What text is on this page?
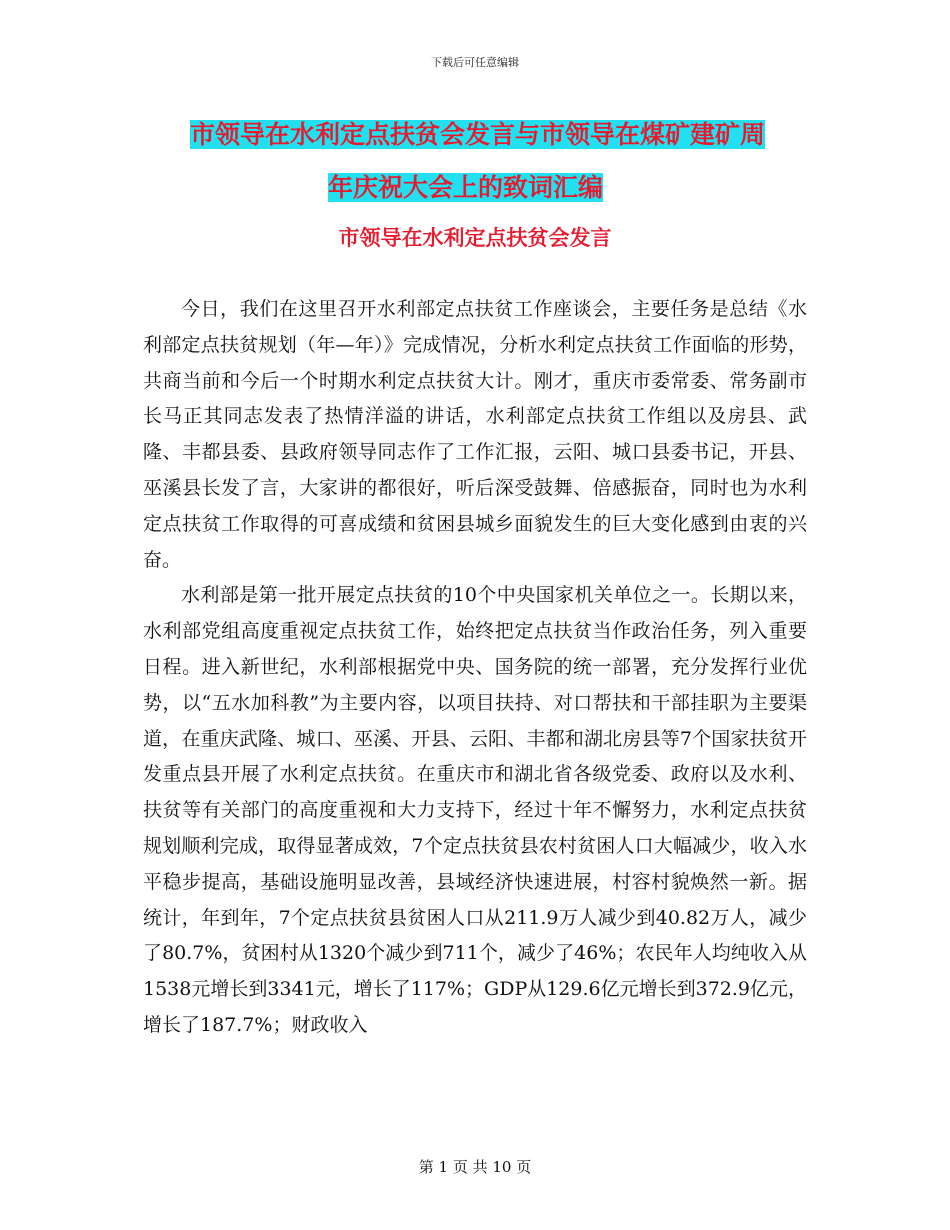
下载后可任意编辑
市领导在水利定点扶贫会发言与市领导在煤矿建矿周
年庆祝大会上的致词汇编
市领导在水利定点扶贫会发言

今日，我们在这里召开水利部定点扶贫工作座谈会，主要任务是总结《水利部定点扶贫规划（年—年）》完成情况，分析水利定点扶贫工作面临的形势，共商当前和今后一个时期水利定点扶贫大计。刚才，重庆市委常委、常务副市长马正其同志发表了热情洋溢的讲话，水利部定点扶贫工作组以及房县、武隆、丰都县委、县政府领导同志作了工作汇报，云阳、城口县委书记，开县、巫溪县长发了言，大家讲的都很好，听后深受鼓舞、倍感振奋，同时也为水利定点扶贫工作取得的可喜成绩和贫困县城乡面貌发生的巨大变化感到由衷的兴奋。

水利部是第一批开展定点扶贫的10个中央国家机关单位之一。长期以来，水利部党组高度重视定点扶贫工作，始终把定点扶贫当作政治任务，列入重要日程。进入新世纪，水利部根据党中央、国务院的统一部署，充分发挥行业优势，以“五水加科教”为主要内容，以项目扶持、对口帮扶和干部挂职为主要渠道，在重庆武隆、城口、巫溪、开县、云阳、丰都和湖北房县等7个国家扶贫开发重点县开展了水利定点扶贫。在重庆市和湖北省各级党委、政府以及水利、扶贫等有关部门的高度重视和大力支持下，经过十年不懈努力，水利定点扶贫规划顺利完成，取得显著成效，7个定点扶贫县农村贫困人口大幅减少，收入水平稳步提高，基础设施明显改善，县域经济快速进展，村容村貌焕然一新。据统计，年到年，7个定点扶贫县贫困人口从211.9万人减少到40.82万人，减少了80.7%，贫困村从1320个减少到711个，减少了46%；农民年人均纯收入从1538元增长到3341元，增长了117%；GDP从129.6亿元增长到372.9亿元，增长了187.7%；财政收入

第 1 页 共 10 页
